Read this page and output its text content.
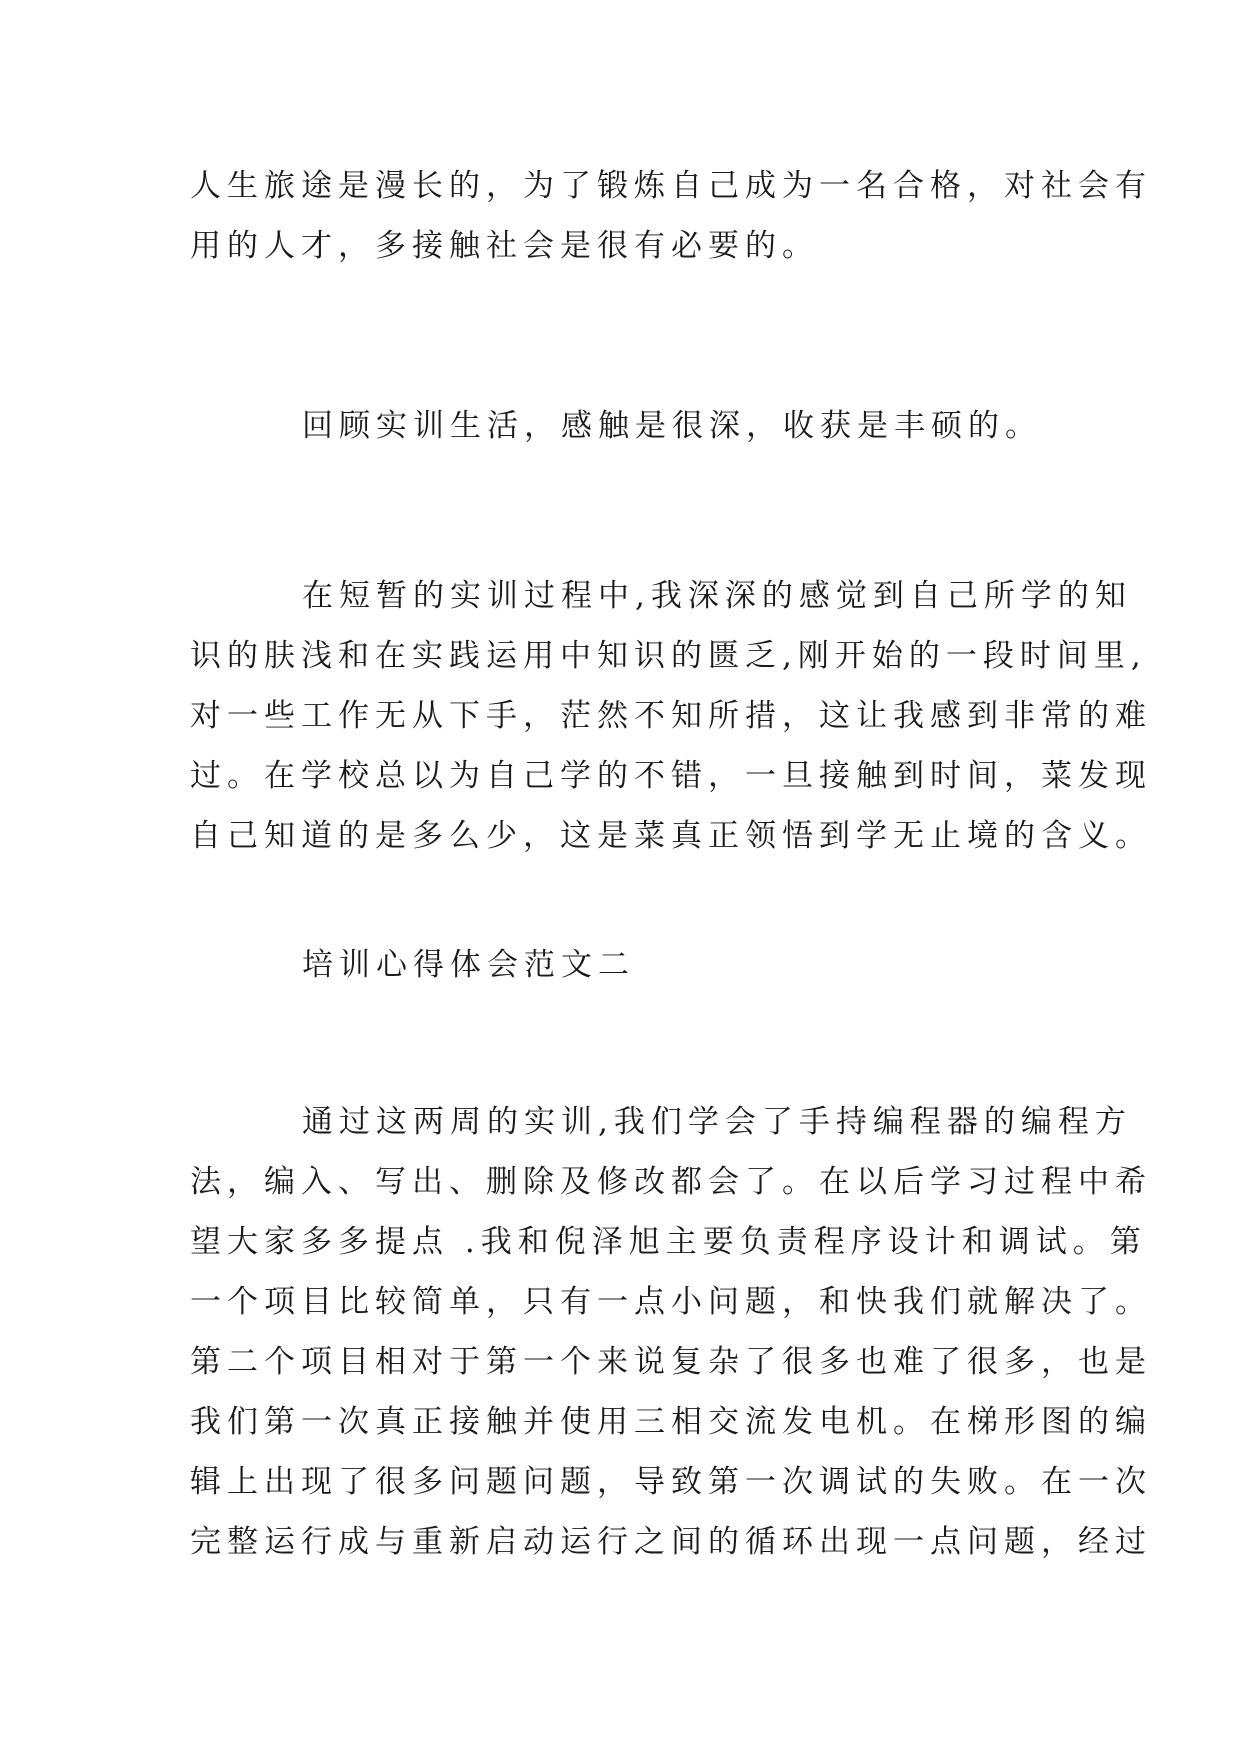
人生旅途是漫长的，为了锻炼自己成为一名合格，对社会有
用的人才，多接触社会是很有必要的。
回顾实训生活，感触是很深，收获是丰硕的。
在短暂的实训过程中,我深深的感觉到自己所学的知
识的肤浅和在实践运用中知识的匮乏,刚开始的一段时间里,
对一些工作无从下手，茫然不知所措，这让我感到非常的难
过。在学校总以为自己学的不错，一旦接触到时间，菜发现
自己知道的是多么少，这是菜真正领悟到学无止境的含义。
培训心得体会范文二
通过这两周的实训,我们学会了手持编程器的编程方
法，编入、写出、删除及修改都会了。在以后学习过程中希
望大家多多提点 .我和倪泽旭主要负责程序设计和调试。第
一个项目比较简单，只有一点小问题，和快我们就解决了。
第二个项目相对于第一个来说复杂了很多也难了很多，也是
我们第一次真正接触并使用三相交流发电机。在梯形图的编
辑上出现了很多问题问题，导致第一次调试的失败。在一次
完整运行成与重新启动运行之间的循环出现一点问题，经过
